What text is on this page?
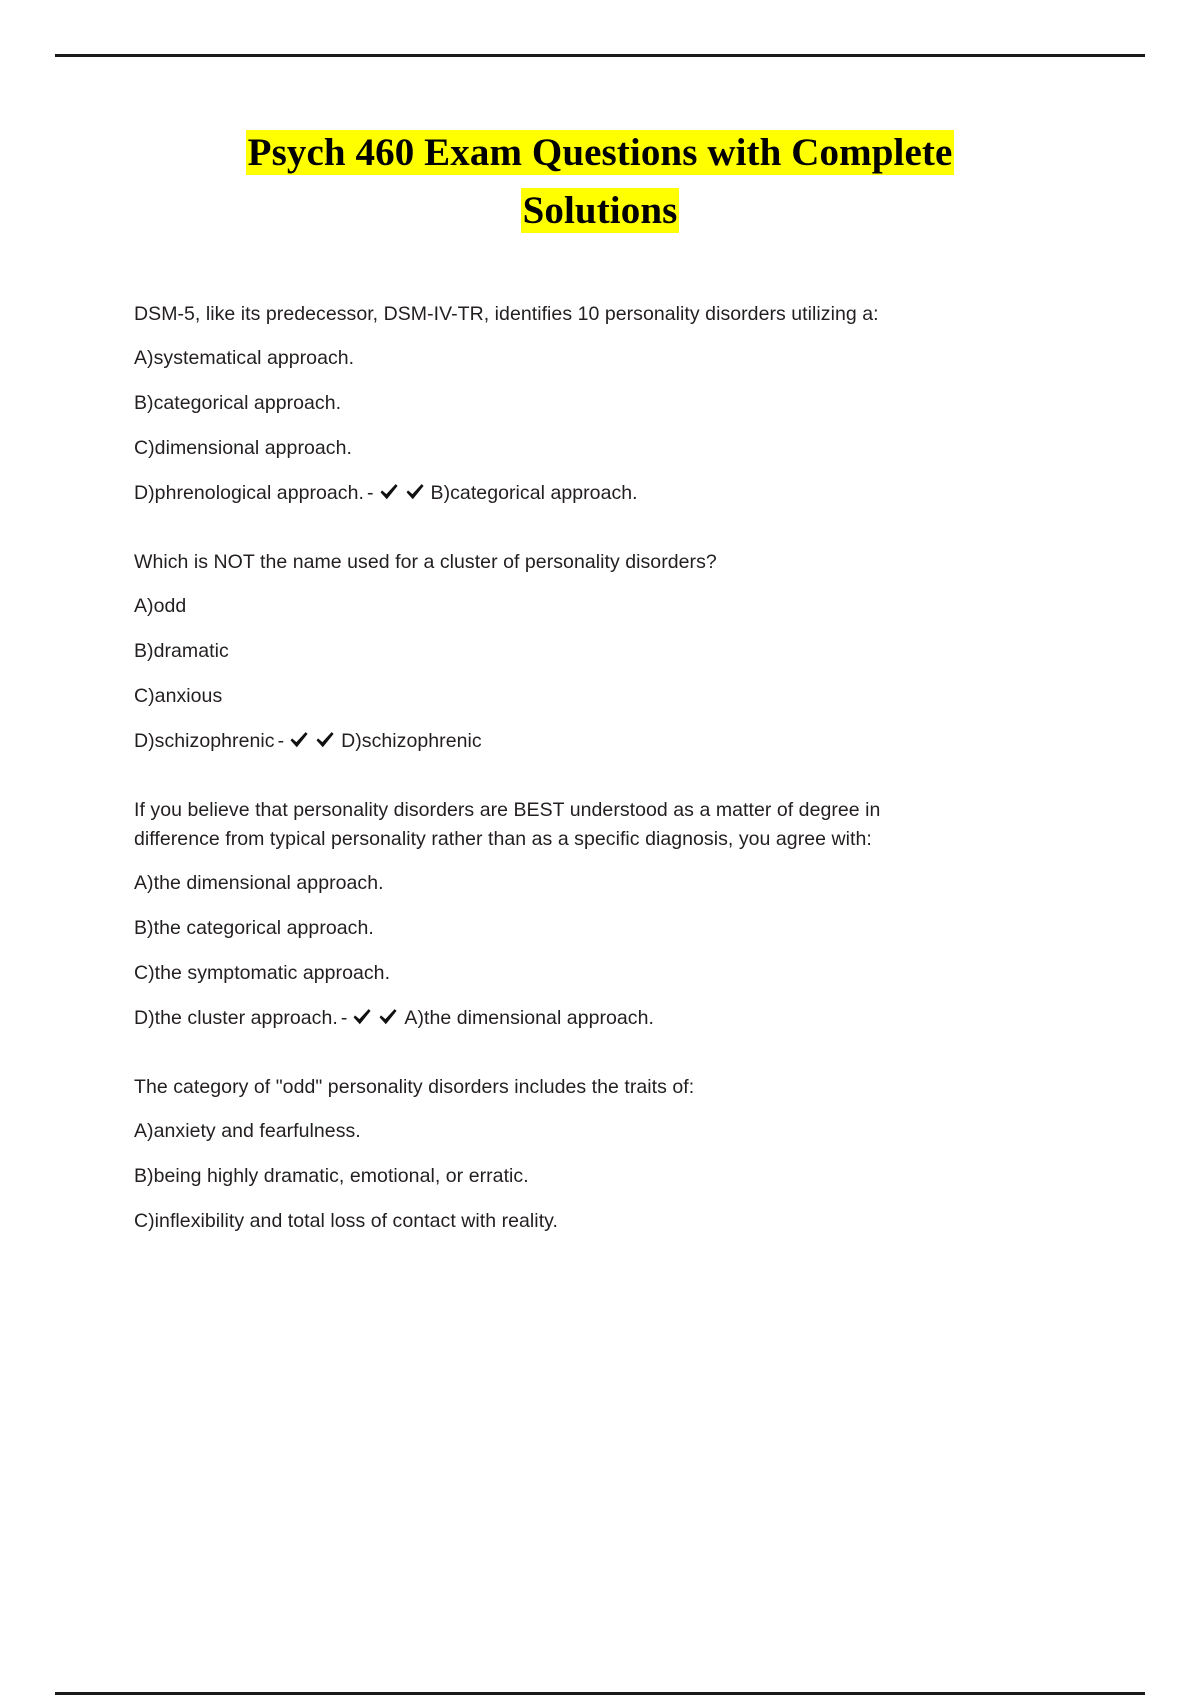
Psych 460 Exam Questions with Complete
Solutions

DSM-5, like its predecessor, DSM-IV-TR, identifies 10 personality disorders utilizing a:

A)systematical approach.

B)categorical approach.

C)dimensional approach.

D)phrenological approach. -	B)categorical approach.

Which is NOT the name used for a cluster of personality disorders?

A)odd

B)dramatic

C)anxious

D)schizophrenic -	D)schizophrenic

If you believe that personality disorders are BEST understood as a matter of degree in difference from typical personality rather than as a specific diagnosis, you agree with:

A)the dimensional approach.

B)the categorical approach.

C)the symptomatic approach.

D)the cluster approach. -	A)the dimensional approach.

The category of "odd" personality disorders includes the traits of:

A)anxiety and fearfulness.

B)being highly dramatic, emotional, or erratic.

C)inflexibility and total loss of contact with reality.
